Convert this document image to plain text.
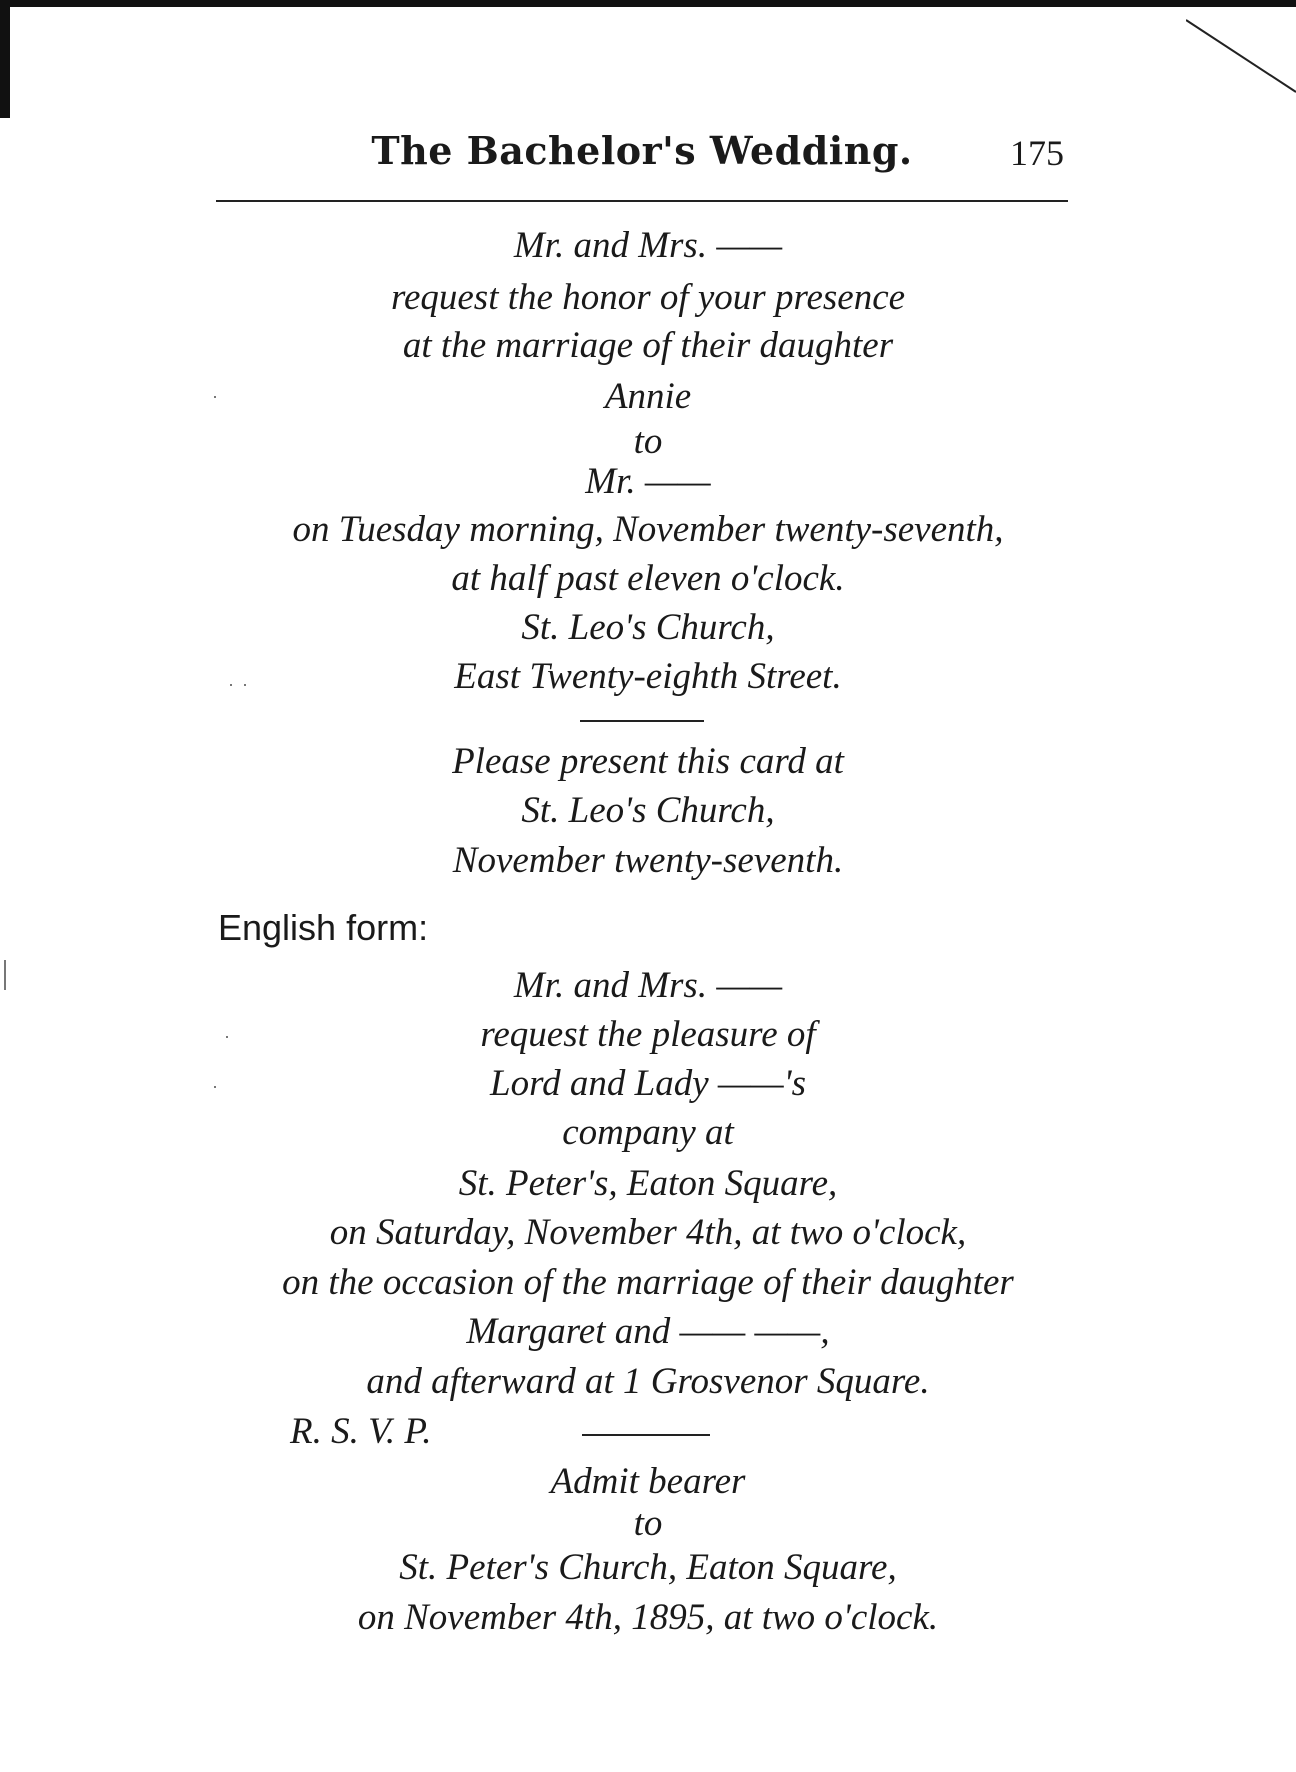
The Bachelor's Wedding.	175
Mr. and Mrs. ——
request the honor of your presence
at the marriage of their daughter
Annie
to
Mr. ——
on Tuesday morning, November twenty-seventh,
at half past eleven o'clock.
St. Leo's Church,
East Twenty-eighth Street.
Please present this card at
St. Leo's Church,
November twenty-seventh.
English form:
Mr. and Mrs. ——
request the pleasure of
Lord and Lady ——'s
company at
St. Peter's, Eaton Square,
on Saturday, November 4th, at two o'clock,
on the occasion of the marriage of their daughter
Margaret and —— ——,
and afterward at 1 Grosvenor Square.
R. S. V. P.
Admit bearer
to
St. Peter's Church, Eaton Square,
on November 4th, 1895, at two o'clock.
